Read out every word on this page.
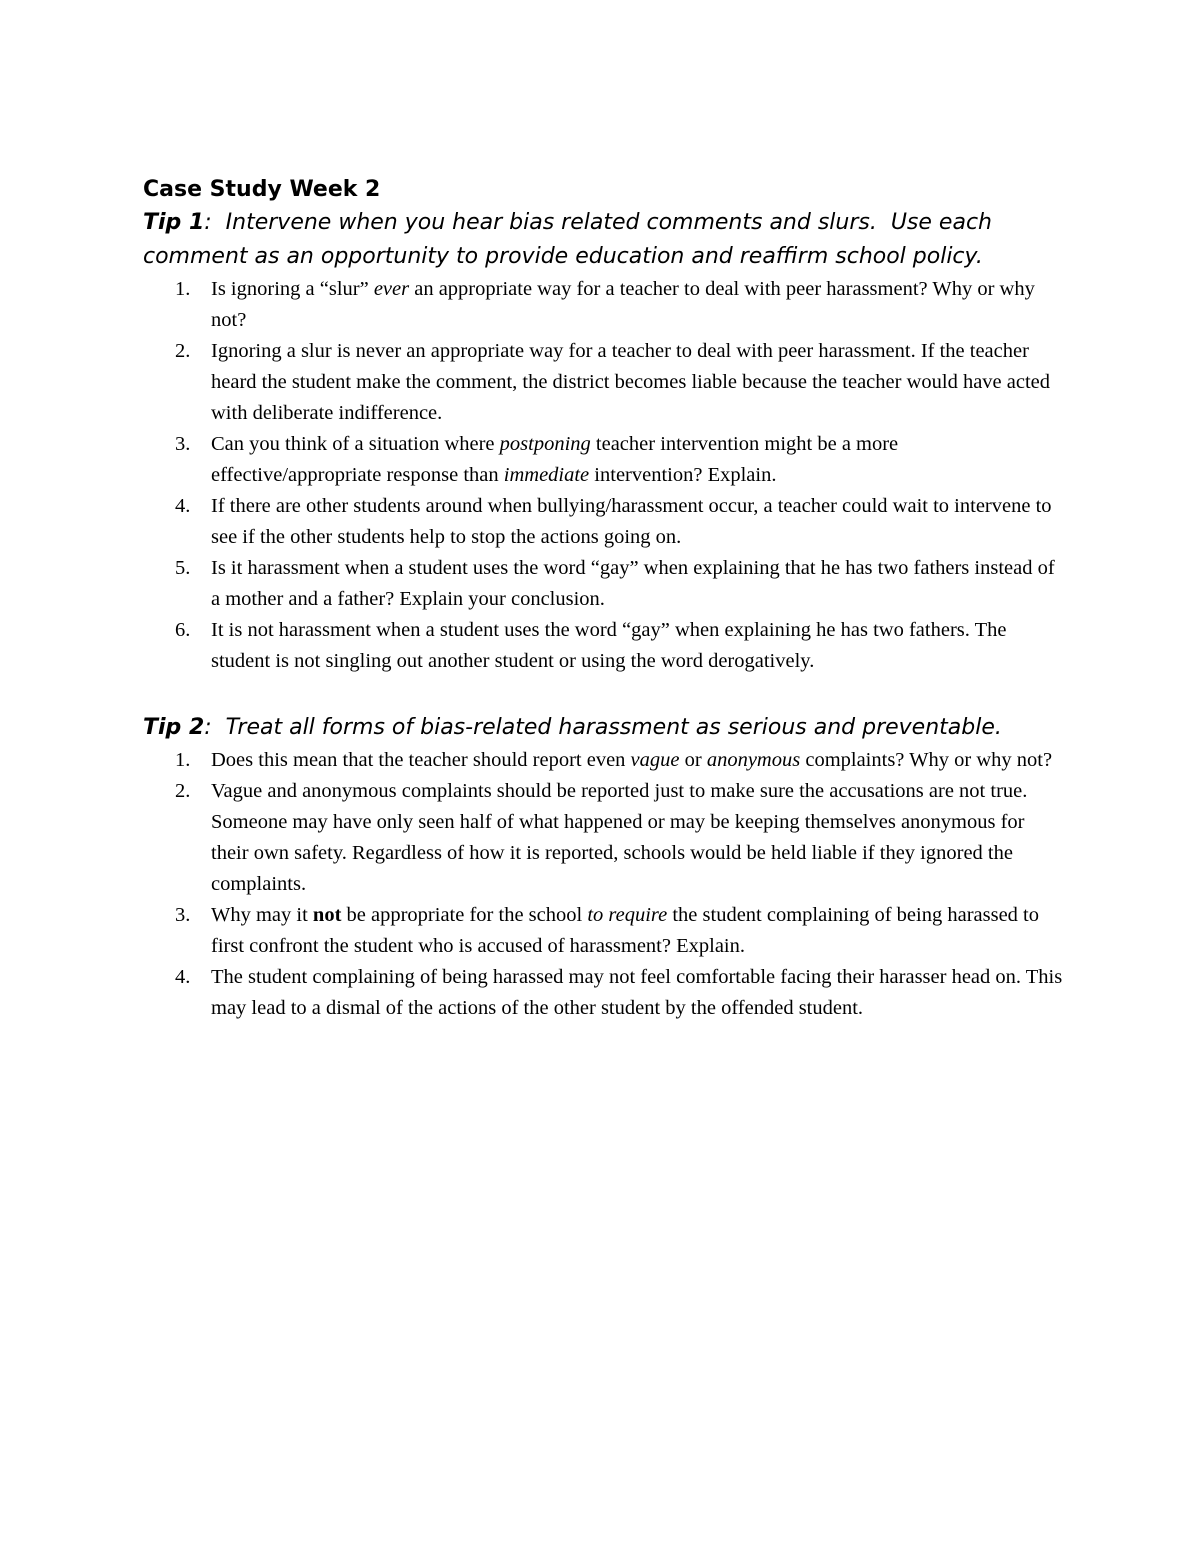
Case Study Week 2

Tip 1:  Intervene when you hear bias related comments and slurs.  Use each comment as an opportunity to provide education and reaffirm school policy.

1. Is ignoring a “slur” ever an appropriate way for a teacher to deal with peer harassment? Why or why not?
2. Ignoring a slur is never an appropriate way for a teacher to deal with peer harassment. If the teacher heard the student make the comment, the district becomes liable because the teacher would have acted with deliberate indifference.
3. Can you think of a situation where postponing teacher intervention might be a more effective/appropriate response than immediate intervention? Explain.
4. If there are other students around when bullying/harassment occur, a teacher could wait to intervene to see if the other students help to stop the actions going on.
5. Is it harassment when a student uses the word “gay” when explaining that he has two fathers instead of a mother and a father? Explain your conclusion.
6. It is not harassment when a student uses the word “gay” when explaining he has two fathers. The student is not singling out another student or using the word derogatively.

Tip 2:  Treat all forms of bias-related harassment as serious and preventable.

1. Does this mean that the teacher should report even vague or anonymous complaints? Why or why not?
2. Vague and anonymous complaints should be reported just to make sure the accusations are not true. Someone may have only seen half of what happened or may be keeping themselves anonymous for their own safety. Regardless of how it is reported, schools would be held liable if they ignored the complaints.
3. Why may it not be appropriate for the school to require the student complaining of being harassed to first confront the student who is accused of harassment? Explain.
4. The student complaining of being harassed may not feel comfortable facing their harasser head on. This may lead to a dismal of the actions of the other student by the offended student.
